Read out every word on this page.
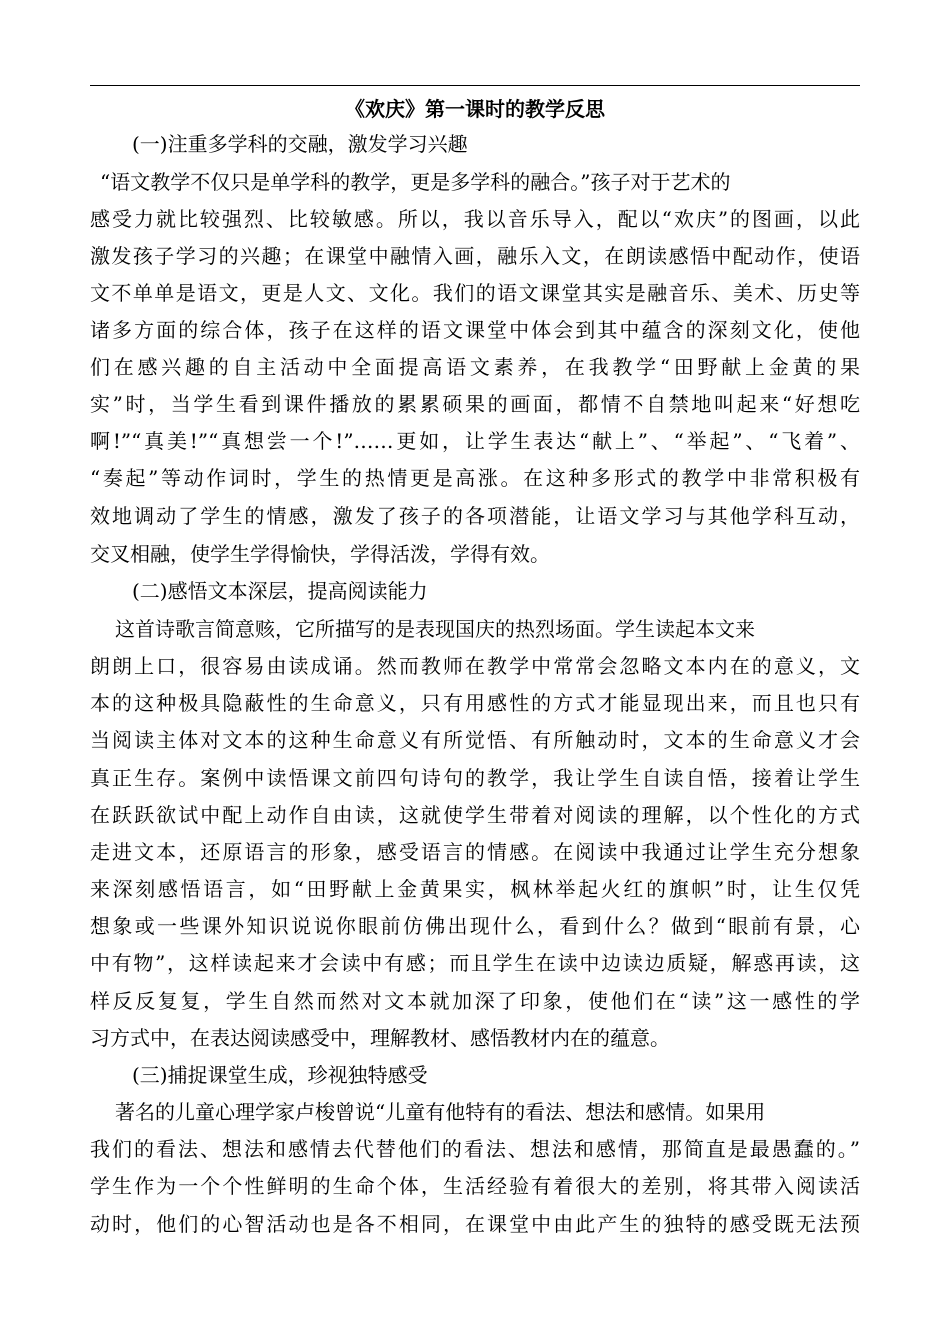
《欢庆》第一课时的教学反思
(一)注重多学科的交融，激发学习兴趣
“语文教学不仅只是单学科的教学，更是多学科的融合。”孩子对于艺术的
感受力就比较强烈、比较敏感。所以，我以音乐导入，配以“欢庆”的图画，以此
激发孩子学习的兴趣；在课堂中融情入画，融乐入文，在朗读感悟中配动作，使语
文不单单是语文，更是人文、文化。我们的语文课堂其实是融音乐、美术、历史等
诸多方面的综合体，孩子在这样的语文课堂中体会到其中蕴含的深刻文化，使他
们在感兴趣的自主活动中全面提高语文素养，在我教学“田野献上金黄的果
实”时，当学生看到课件播放的累累硕果的画面，都情不自禁地叫起来“好想吃
啊!”“真美!”“真想尝一个!”……更如，让学生表达“献上”、“举起”、“飞着”、
“奏起”等动作词时，学生的热情更是高涨。在这种多形式的教学中非常积极有
效地调动了学生的情感，激发了孩子的各项潜能，让语文学习与其他学科互动，
交叉相融，使学生学得愉快，学得活泼，学得有效。
(二)感悟文本深层，提高阅读能力
这首诗歌言简意赅，它所描写的是表现国庆的热烈场面。学生读起本文来
朗朗上口，很容易由读成诵。然而教师在教学中常常会忽略文本内在的意义，文
本的这种极具隐蔽性的生命意义，只有用感性的方式才能显现出来，而且也只有
当阅读主体对文本的这种生命意义有所觉悟、有所触动时，文本的生命意义才会
真正生存。案例中读悟课文前四句诗句的教学，我让学生自读自悟，接着让学生
在跃跃欲试中配上动作自由读，这就使学生带着对阅读的理解，以个性化的方式
走进文本，还原语言的形象，感受语言的情感。在阅读中我通过让学生充分想象
来深刻感悟语言，如“田野献上金黄果实，枫林举起火红的旗帜”时，让生仅凭
想象或一些课外知识说说你眼前仿佛出现什么，看到什么？做到“眼前有景，心
中有物”，这样读起来才会读中有感；而且学生在读中边读边质疑，解惑再读，这
样反反复复，学生自然而然对文本就加深了印象，使他们在“读”这一感性的学
习方式中，在表达阅读感受中，理解教材、感悟教材内在的蕴意。
(三)捕捉课堂生成，珍视独特感受
著名的儿童心理学家卢梭曾说“儿童有他特有的看法、想法和感情。如果用
我们的看法、想法和感情去代替他们的看法、想法和感情，那简直是最愚蠢的。”
学生作为一个个性鲜明的生命个体，生活经验有着很大的差别，将其带入阅读活
动时，他们的心智活动也是各不相同，在课堂中由此产生的独特的感受既无法预
